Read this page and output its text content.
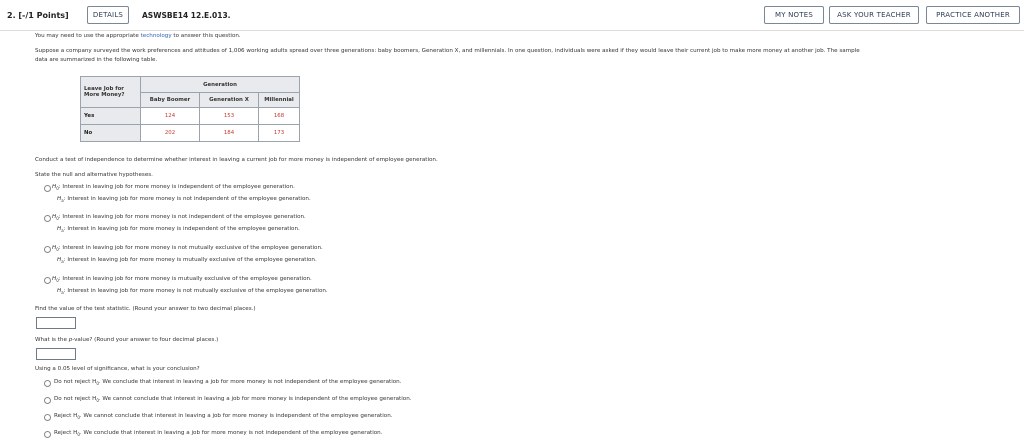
2. [-/1 Points]	DETAILS	ASWSBE14 12.E.013.	MY NOTES	ASK YOUR TEACHER	PRACTICE ANOTHER
You may need to use the appropriate technology to answer this question.
Suppose a company surveyed the work preferences and attitudes of 1,006 working adults spread over three generations: baby boomers, Generation X, and millennials. In one question, individuals were asked if they would leave their current job to make more money at another job. The sample
data are summarized in the following table.
Leave Job for
More Money?	Generation		
	Baby Boomer	Generation X	Millennial
Yes	124	153	168
No	202	184	173
Conduct a test of independence to determine whether interest in leaving a current job for more money is independent of employee generation.
State the null and alternative hypotheses.
$H_0$: Interest in leaving job for more money is independent of the employee generation.
$H_a$: Interest in leaving job for more money is not independent of the employee generation.
$H_0$: Interest in leaving job for more money is not independent of the employee generation.
$H_a$: Interest in leaving job for more money is independent of the employee generation.
$H_0$: Interest in leaving job for more money is not mutually exclusive of the employee generation.
$H_a$: Interest in leaving job for more money is mutually exclusive of the employee generation.
$H_0$: Interest in leaving job for more money is mutually exclusive of the employee generation.
$H_a$: Interest in leaving job for more money is not mutually exclusive of the employee generation.
Find the value of the test statistic. (Round your answer to two decimal places.)
What is the p-value? (Round your answer to four decimal places.)
Using a 0.05 level of significance, what is your conclusion?
Do not reject $H_0$. We conclude that interest in leaving a job for more money is not independent of the employee generation.
Do not reject $H_0$. We cannot conclude that interest in leaving a job for more money is independent of the employee generation.
Reject $H_0$. We cannot conclude that interest in leaving a job for more money is independent of the employee generation.
Reject $H_0$. We conclude that interest in leaving a job for more money is not independent of the employee generation.
